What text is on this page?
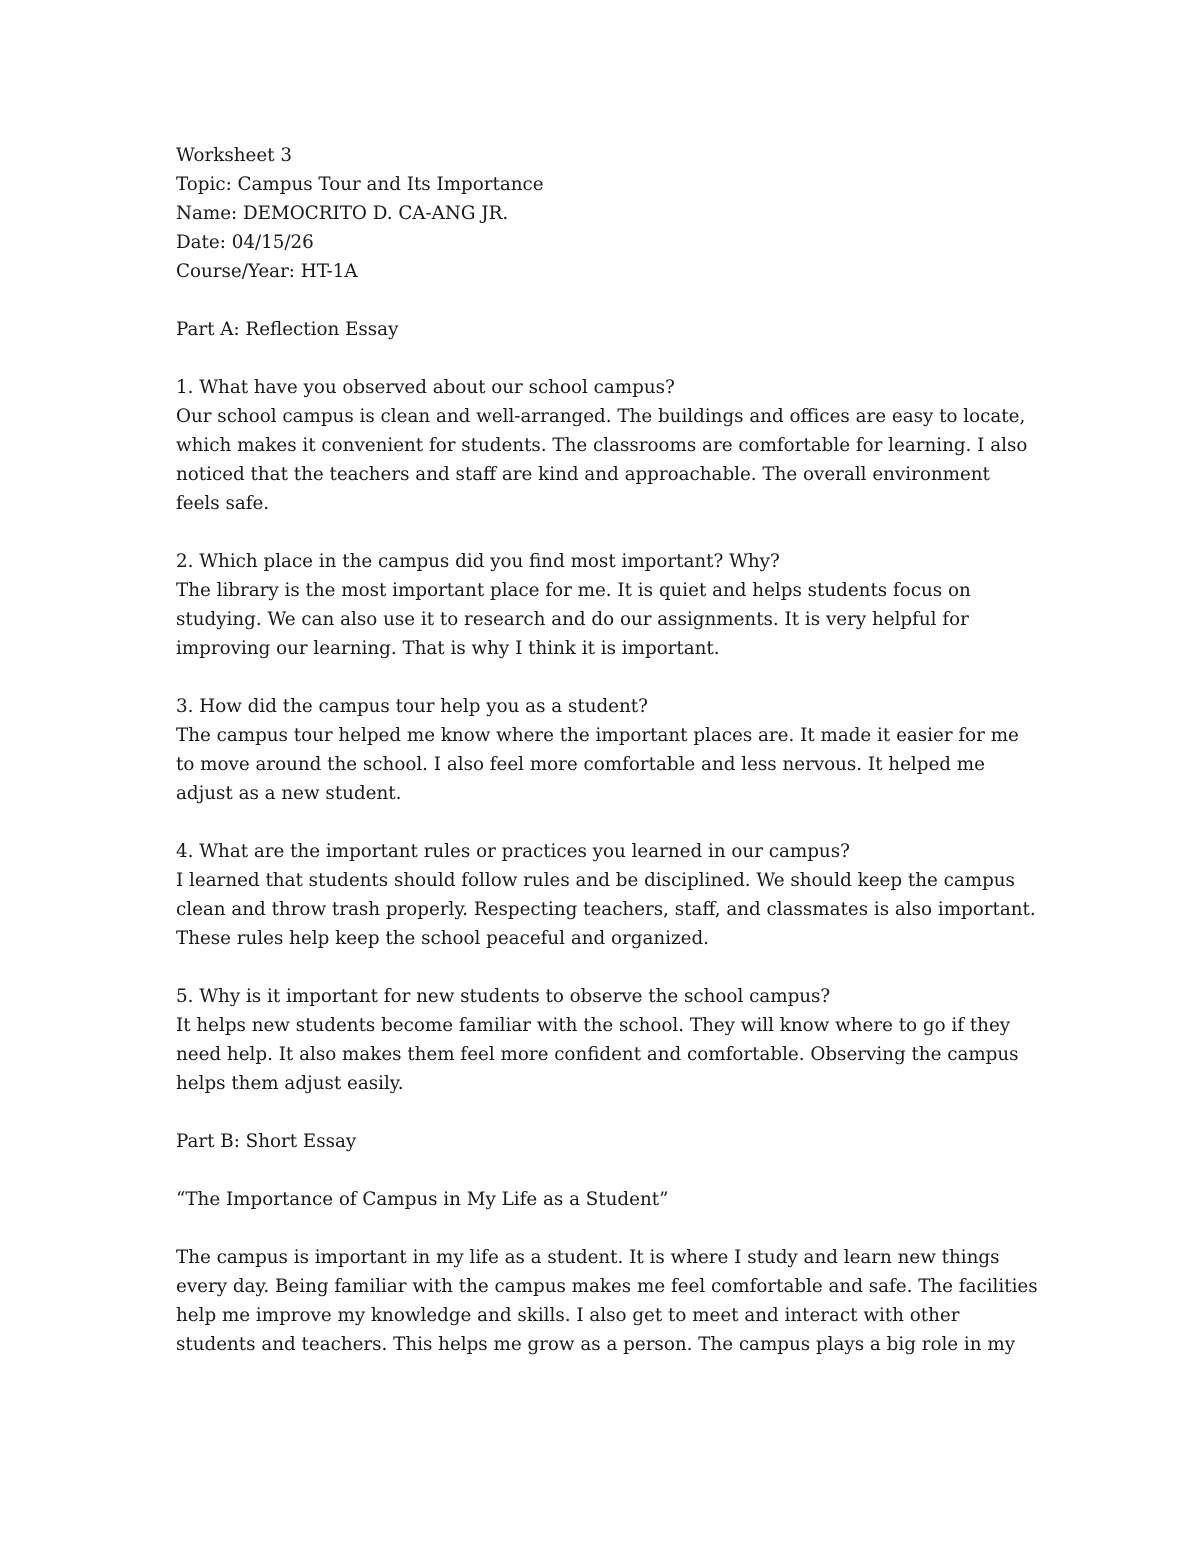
Worksheet 3
Topic: Campus Tour and Its Importance
Name: DEMOCRITO D. CA-ANG JR.
Date: 04/15/26
Course/Year: HT-1A
Part A: Reflection Essay
1. What have you observed about our school campus?
Our school campus is clean and well-arranged. The buildings and offices are easy to locate,
which makes it convenient for students. The classrooms are comfortable for learning. I also
noticed that the teachers and staff are kind and approachable. The overall environment
feels safe.
2. Which place in the campus did you find most important? Why?
The library is the most important place for me. It is quiet and helps students focus on
studying. We can also use it to research and do our assignments. It is very helpful for
improving our learning. That is why I think it is important.
3. How did the campus tour help you as a student?
The campus tour helped me know where the important places are. It made it easier for me
to move around the school. I also feel more comfortable and less nervous. It helped me
adjust as a new student.
4. What are the important rules or practices you learned in our campus?
I learned that students should follow rules and be disciplined. We should keep the campus
clean and throw trash properly. Respecting teachers, staff, and classmates is also important.
These rules help keep the school peaceful and organized.
5. Why is it important for new students to observe the school campus?
It helps new students become familiar with the school. They will know where to go if they
need help. It also makes them feel more confident and comfortable. Observing the campus
helps them adjust easily.
Part B: Short Essay
“The Importance of Campus in My Life as a Student”
The campus is important in my life as a student. It is where I study and learn new things
every day. Being familiar with the campus makes me feel comfortable and safe. The facilities
help me improve my knowledge and skills. I also get to meet and interact with other
students and teachers. This helps me grow as a person. The campus plays a big role in my
